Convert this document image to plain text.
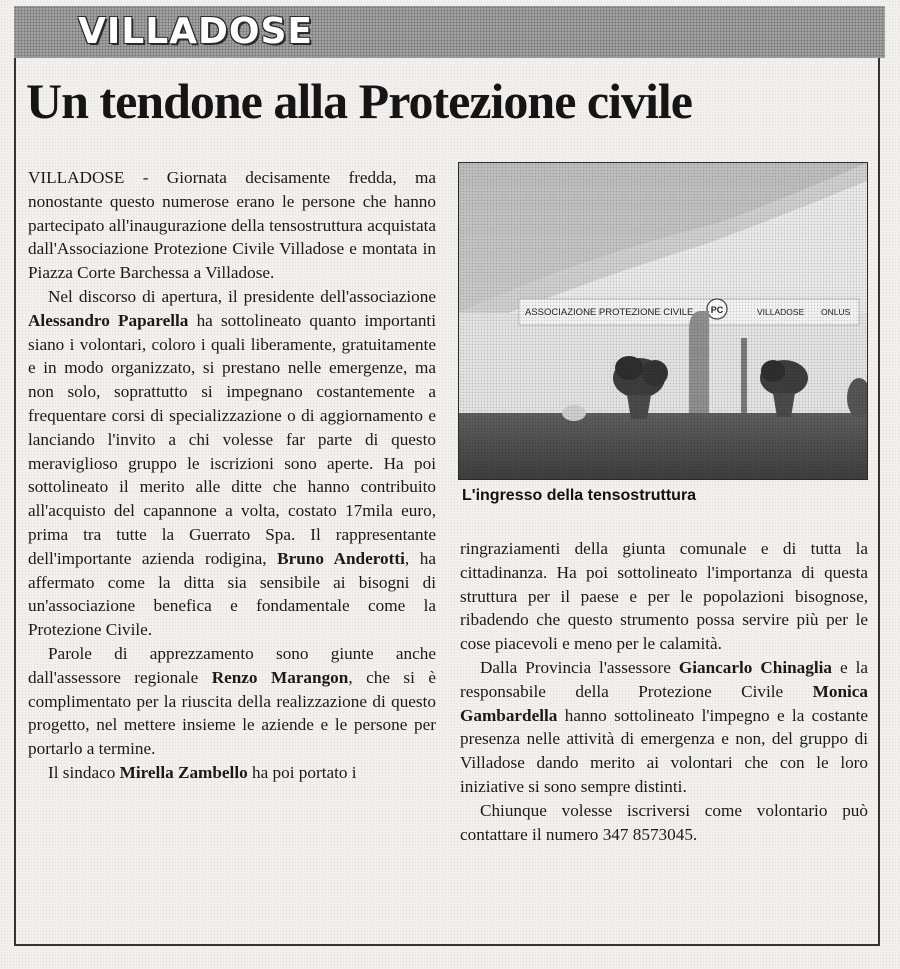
VILLADOSE
Un tendone alla Protezione civile

VILLADOSE - Giornata decisamente fredda, ma nonostante questo numerose erano le persone che hanno partecipato all'inaugurazione della tensostruttura acquistata dall'Associazione Protezione Civile Villadose e montata in Piazza Corte Barchessa a Villadose.

Nel discorso di apertura, il presidente dell'associazione Alessandro Paparella ha sottolineato quanto importanti siano i volontari, coloro i quali liberamente, gratuitamente e in modo organizzato, si prestano nelle emergenze, ma non solo, soprattutto si impegnano costantemente a frequentare corsi di specializzazione o di aggiornamento e lanciando l'invito a chi volesse far parte di questo meraviglioso gruppo le iscrizioni sono aperte. Ha poi sottolineato il merito alle ditte che hanno contribuito all'acquisto del capannone a volta, costato 17mila euro, prima tra tutte la Guerrato Spa. Il rappresentante dell'importante azienda rodigina, Bruno Anderotti, ha affermato come la ditta sia sensibile ai bisogni di un'associazione benefica e fondamentale come la Protezione Civile.

Parole di apprezzamento sono giunte anche dall'assessore regionale Renzo Marangon, che si è complimentato per la riuscita della realizzazione di questo progetto, nel mettere insieme le aziende e le persone per portarlo a termine.

Il sindaco Mirella Zambello ha poi portato i

ASSOCIAZIONE PROTEZIONE CIVILE PC	VILLADOSE ONLUS
L'ingresso della tensostruttura

ringraziamenti della giunta comunale e di tutta la cittadinanza. Ha poi sottolineato l'importanza di questa struttura per il paese e per le popolazioni bisognose, ribadendo che questo strumento possa servire più per le cose piacevoli e meno per le calamità.

Dalla Provincia l'assessore Giancarlo Chinaglia e la responsabile della Protezione Civile Monica Gambardella hanno sottolineato l'impegno e la costante presenza nelle attività di emergenza e non, del gruppo di Villadose dando merito ai volontari che con le loro iniziative si sono sempre distinti.

Chiunque volesse iscriversi come volontario può contattare il numero 347 8573045.
